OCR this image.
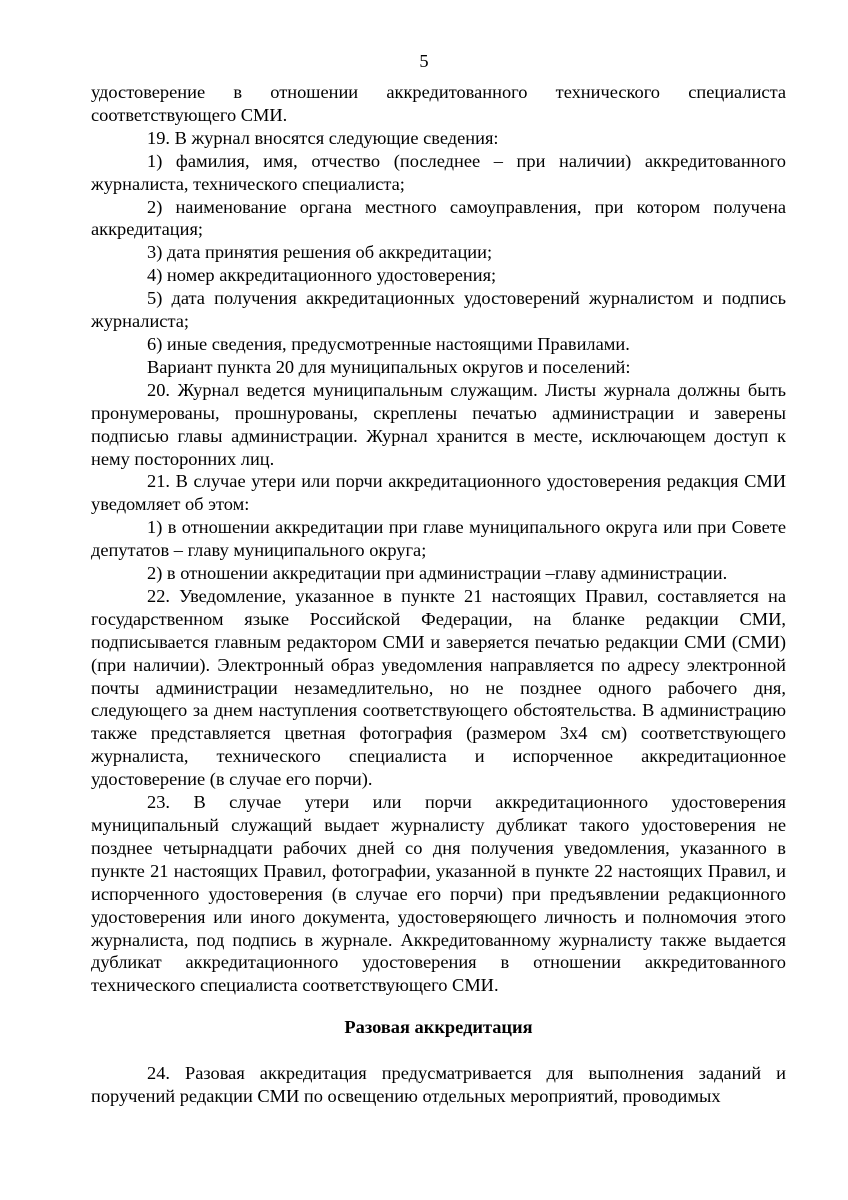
5

удостоверение в отношении аккредитованного технического специалиста соответствующего СМИ.

19. В журнал вносятся следующие сведения:

1) фамилия, имя, отчество (последнее – при наличии) аккредитованного журналиста, технического специалиста;

2) наименование органа местного самоуправления, при котором получена аккредитация;

3) дата принятия решения об аккредитации;

4) номер аккредитационного удостоверения;

5) дата получения аккредитационных удостоверений журналистом и подпись журналиста;

6) иные сведения, предусмотренные настоящими Правилами.

Вариант пункта 20 для муниципальных округов и поселений:

20. Журнал ведется муниципальным служащим. Листы журнала должны быть пронумерованы, прошнурованы, скреплены печатью администрации и заверены подписью главы администрации. Журнал хранится в месте, исключающем доступ к нему посторонних лиц.

21. В случае утери или порчи аккредитационного удостоверения редакция СМИ уведомляет об этом:

1) в отношении аккредитации при главе муниципального округа или при Совете депутатов – главу муниципального округа;

2) в отношении аккредитации при администрации –главу администрации.

22. Уведомление, указанное в пункте 21 настоящих Правил, составляется на государственном языке Российской Федерации, на бланке редакции СМИ, подписывается главным редактором СМИ и заверяется печатью редакции СМИ (СМИ) (при наличии). Электронный образ уведомления направляется по адресу электронной почты администрации незамедлительно, но не позднее одного рабочего дня, следующего за днем наступления соответствующего обстоятельства. В администрацию также представляется цветная фотография (размером 3х4 см) соответствующего журналиста, технического специалиста и испорченное аккредитационное удостоверение (в случае его порчи).

23. В случае утери или порчи аккредитационного удостоверения муниципальный служащий выдает журналисту дубликат такого удостоверения не позднее четырнадцати рабочих дней со дня получения уведомления, указанного в пункте 21 настоящих Правил, фотографии, указанной в пункте 22 настоящих Правил, и испорченного удостоверения (в случае его порчи) при предъявлении редакционного удостоверения или иного документа, удостоверяющего личность и полномочия этого журналиста, под подпись в журнале. Аккредитованному журналисту также выдается дубликат аккредитационного удостоверения в отношении аккредитованного технического специалиста соответствующего СМИ.

Разовая аккредитация

24. Разовая аккредитация предусматривается для выполнения заданий и поручений редакции СМИ по освещению отдельных мероприятий, проводимых
